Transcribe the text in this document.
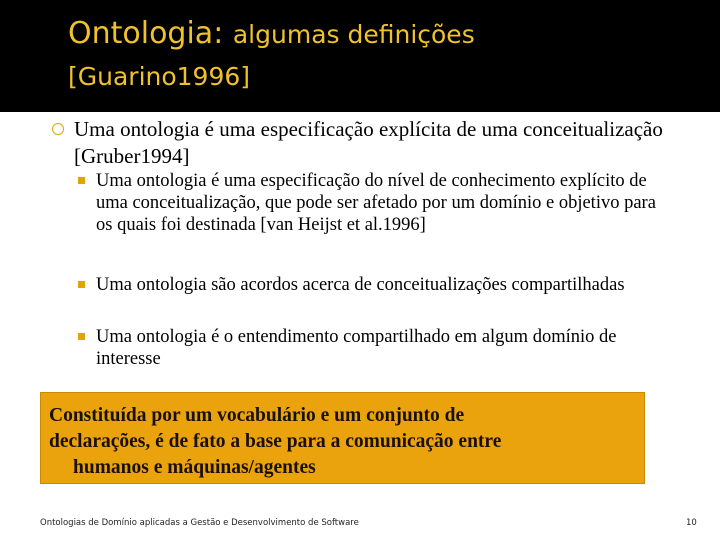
Ontologia: algumas definições
[Guarino1996]
Uma ontologia é uma especificação explícita de uma conceitualização [Gruber1994]
Uma ontologia é uma especificação do nível de conhecimento explícito de uma conceitualização, que pode ser afetado por um domínio e objetivo para os quais foi destinada [van Heijst et al.1996]
Uma ontologia são acordos acerca de conceitualizações compartilhadas
Uma ontologia é o entendimento compartilhado em algum domínio de interesse
Constituída por um vocabulário e um conjunto de
declarações, é de fato a base para a comunicação entre
humanos e máquinas/agentes
Ontologias de Domínio aplicadas a Gestão e Desenvolvimento de Software	10
